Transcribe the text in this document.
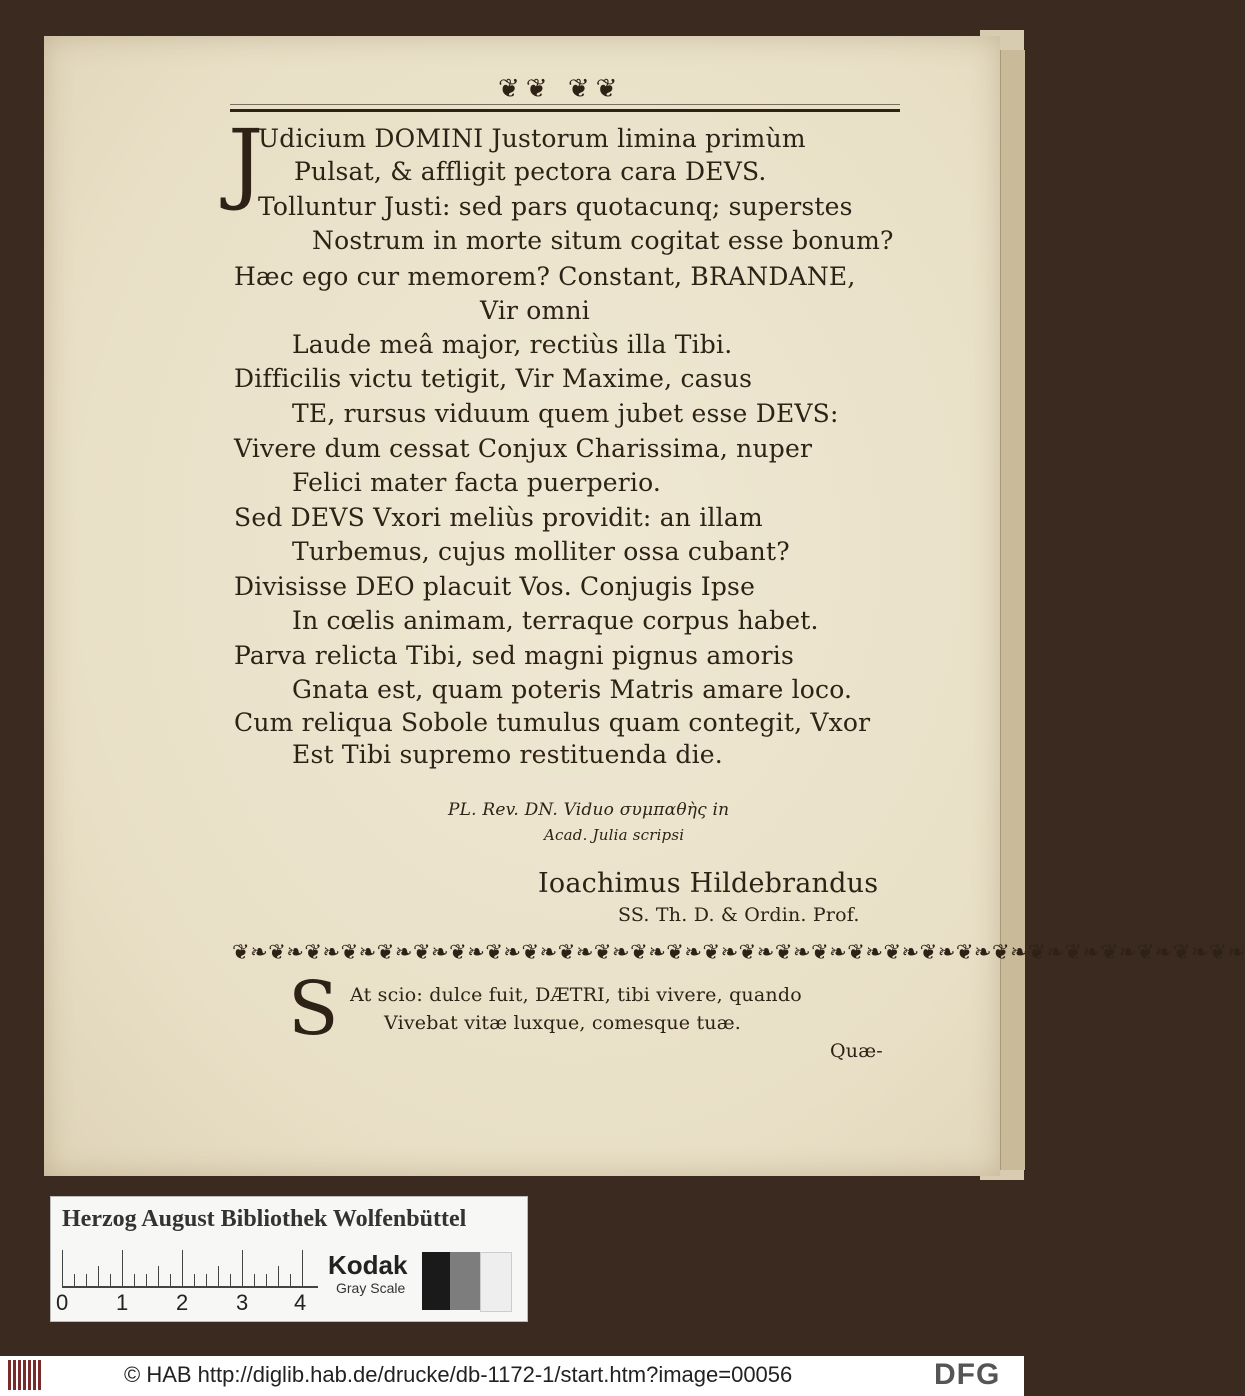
❦❦ ❦❦
J
Udicium DOMINI Justorum limina primùm
Pulsat, & affligit pectora cara DEVS.
Tolluntur Justi: sed pars quotacunq; superstes
Nostrum in morte situm cogitat esse bonum?
Hæc ego cur memorem? Constant, BRANDANE,
Vir omni
Laude meâ major, rectiùs illa Tibi.
Difficilis victu tetigit, Vir Maxime, casus
TE, rursus viduum quem jubet esse DEVS:
Vivere dum cessat Conjux Charissima, nuper
Felici mater facta puerperio.
Sed DEVS Vxori meliùs providit: an illam
Turbemus, cujus molliter ossa cubant?
Divisisse DEO placuit Vos. Conjugis Ipse
In cœlis animam, terraque corpus habet.
Parva relicta Tibi, sed magni pignus amoris
Gnata est, quam poteris Matris amare loco.
Cum reliqua Sobole tumulus quam contegit, Vxor
Est Tibi supremo restituenda die.
PL. Rev. DN. Viduo συμπαθὴς in
Acad. Julia scripsi
Ioachimus Hildebrandus
SS. Th. D. & Ordin. Prof.
❦❧❦❧❦❧❦❧❦❧❦❧❦❧❦❧❦❧❦❧❦❧❦❧❦❧❦❧❦❧❦❧❦❧❦❧❦❧❦❧❦❧❦❧❦❧❦❧❦❧❦❧❦❧❦❧
S At scio: dulce fuit, DÆTRI, tibi vivere, quando
Vivebat vitæ luxque, comesque tuæ.
Quæ-
Herzog August Bibliothek Wolfenbüttel
0 1 2 3 4
Kodak
Gray Scale
© HAB http://diglib.hab.de/drucke/db-1172-1/start.htm?image=00056	DFG
